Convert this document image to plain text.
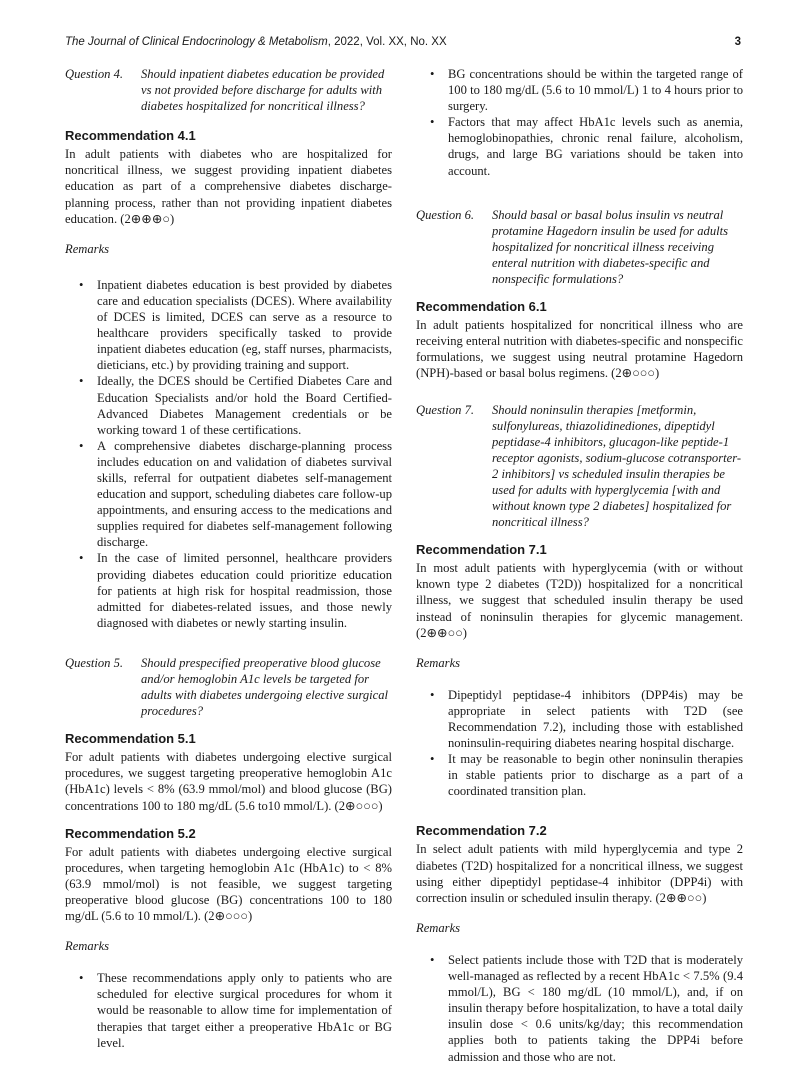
The Journal of Clinical Endocrinology & Metabolism, 2022, Vol. XX, No. XX	3
Question 4.	Should inpatient diabetes education be provided vs not provided before discharge for adults with diabetes hospitalized for noncritical illness?
Recommendation 4.1

In adult patients with diabetes who are hospitalized for noncritical illness, we suggest providing inpatient diabetes education as part of a comprehensive diabetes discharge-planning process, rather than not providing inpatient diabetes education. (2⊕⊕⊕○)

Remarks

• Inpatient diabetes education is best provided by diabetes care and education specialists (DCES). Where availability of DCES is limited, DCES can serve as a resource to healthcare providers specifically tasked to provide inpatient diabetes education (eg, staff nurses, pharmacists, dieticians, etc.) by providing training and support.
• Ideally, the DCES should be Certified Diabetes Care and Education Specialists and/or hold the Board Certified-Advanced Diabetes Management credentials or be working toward 1 of these certifications.
• A comprehensive diabetes discharge-planning process includes education on and validation of diabetes survival skills, referral for outpatient diabetes self-management education and support, scheduling diabetes care follow-up appointments, and ensuring access to the medications and supplies required for diabetes self-management following discharge.
• In the case of limited personnel, healthcare providers providing diabetes education could prioritize education for patients at high risk for hospital readmission, those admitted for diabetes-related issues, and those newly diagnosed with diabetes or newly starting insulin.
Question 5.	Should prespecified preoperative blood glucose and/or hemoglobin A1c levels be targeted for adults with diabetes undergoing elective surgical procedures?
Recommendation 5.1

For adult patients with diabetes undergoing elective surgical procedures, we suggest targeting preoperative hemoglobin A1c (HbA1c) levels < 8% (63.9 mmol/mol) and blood glucose (BG) concentrations 100 to 180 mg/dL (5.6 to10 mmol/L). (2⊕○○○)

Recommendation 5.2

For adult patients with diabetes undergoing elective surgical procedures, when targeting hemoglobin A1c (HbA1c) to < 8% (63.9 mmol/mol) is not feasible, we suggest targeting preoperative blood glucose (BG) concentrations 100 to 180 mg/dL (5.6 to 10 mmol/L). (2⊕○○○)

Remarks

• These recommendations apply only to patients who are scheduled for elective surgical procedures for whom it would be reasonable to allow time for implementation of therapies that target either a preoperative HbA1c or BG level.
• BG concentrations should be within the targeted range of 100 to 180 mg/dL (5.6 to 10 mmol/L) 1 to 4 hours prior to surgery.
• Factors that may affect HbA1c levels such as anemia, hemoglobinopathies, chronic renal failure, alcoholism, drugs, and large BG variations should be taken into account.
Question 6.	Should basal or basal bolus insulin vs neutral protamine Hagedorn insulin be used for adults hospitalized for noncritical illness receiving enteral nutrition with diabetes-specific and nonspecific formulations?
Recommendation 6.1

In adult patients hospitalized for noncritical illness who are receiving enteral nutrition with diabetes-specific and nonspecific formulations, we suggest using neutral protamine Hagedorn (NPH)-based or basal bolus regimens. (2⊕○○○)

Question 7.	Should noninsulin therapies [metformin, sulfonylureas, thiazolidinediones, dipeptidyl peptidase-4 inhibitors, glucagon-like peptide-1 receptor agonists, sodium-glucose cotransporter-2 inhibitors] vs scheduled insulin therapies be used for adults with hyperglycemia [with and without known type 2 diabetes] hospitalized for noncritical illness?
Recommendation 7.1

In most adult patients with hyperglycemia (with or without known type 2 diabetes (T2D)) hospitalized for a noncritical illness, we suggest that scheduled insulin therapy be used instead of noninsulin therapies for glycemic management. (2⊕⊕○○)

Remarks

• Dipeptidyl peptidase-4 inhibitors (DPP4is) may be appropriate in select patients with T2D (see Recommendation 7.2), including those with established noninsulin-requiring diabetes nearing hospital discharge.
• It may be reasonable to begin other noninsulin therapies in stable patients prior to discharge as a part of a coordinated transition plan.
Recommendation 7.2

In select adult patients with mild hyperglycemia and type 2 diabetes (T2D) hospitalized for a noncritical illness, we suggest using either dipeptidyl peptidase-4 inhibitor (DPP4i) with correction insulin or scheduled insulin therapy. (2⊕⊕○○)

Remarks

• Select patients include those with T2D that is moderately well-managed as reflected by a recent HbA1c < 7.5% (9.4 mmol/L), BG < 180 mg/dL (10 mmol/L), and, if on insulin therapy before hospitalization, to have a total daily insulin dose < 0.6 units/kg/day; this recommendation applies both to patients taking the DPP4i before admission and those who are not.
